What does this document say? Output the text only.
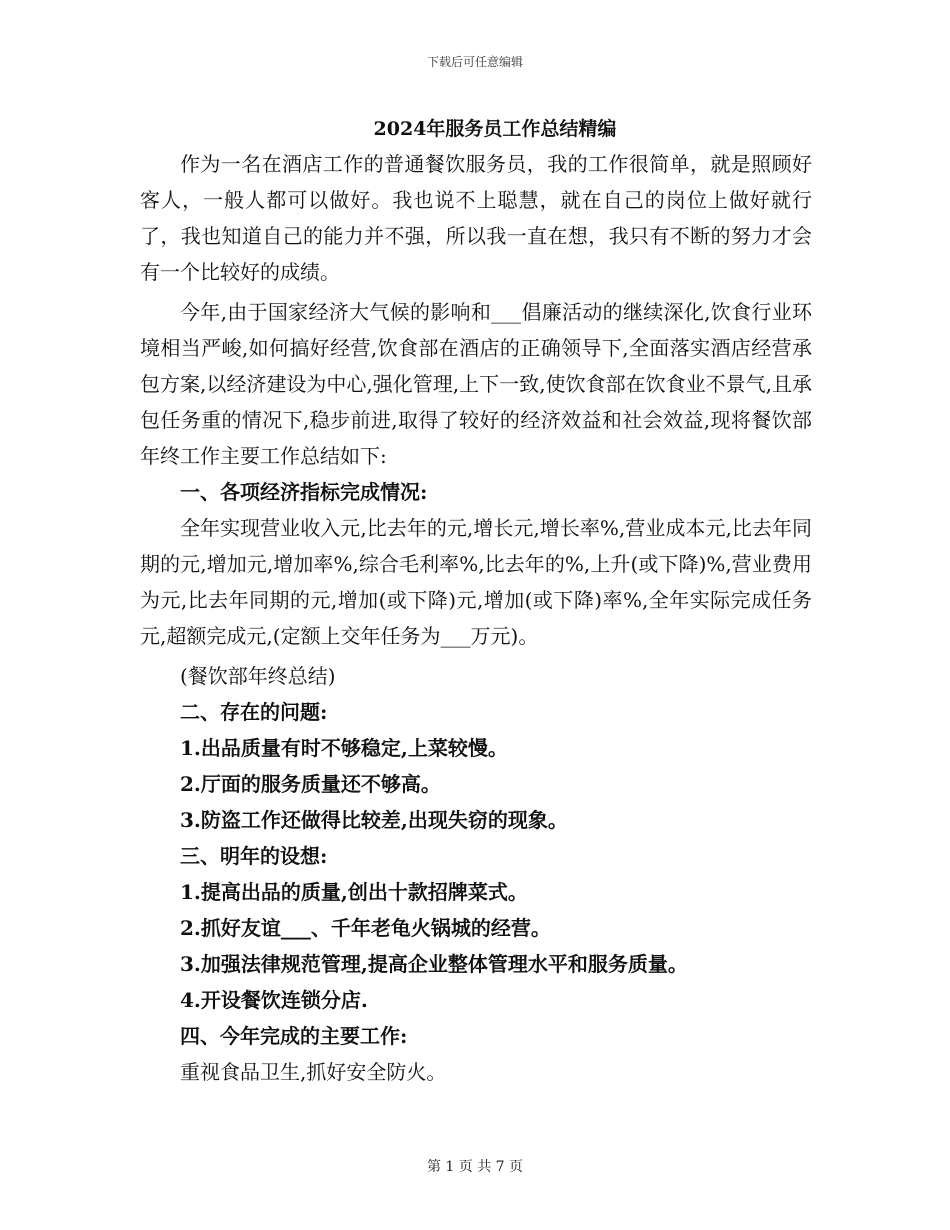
下载后可任意编辑
2024年服务员工作总结精编

作为一名在酒店工作的普通餐饮服务员，我的工作很简单，就是照顾好客人，一般人都可以做好。我也说不上聪慧，就在自己的岗位上做好就行了，我也知道自己的能力并不强，所以我一直在想，我只有不断的努力才会有一个比较好的成绩。

今年,由于国家经济大气候的影响和___倡廉活动的继续深化,饮食行业环境相当严峻,如何搞好经营,饮食部在酒店的正确领导下,全面落实酒店经营承包方案,以经济建设为中心,强化管理,上下一致,使饮食部在饮食业不景气,且承包任务重的情况下,稳步前进,取得了较好的经济效益和社会效益,现将餐饮部年终工作主要工作总结如下:

一、各项经济指标完成情况:

全年实现营业收入元,比去年的元,增长元,增长率%,营业成本元,比去年同期的元,增加元,增加率%,综合毛利率%,比去年的%,上升(或下降)%,营业费用为元,比去年同期的元,增加(或下降)元,增加(或下降)率%,全年实际完成任务元,超额完成元,(定额上交年任务为___万元)。

(餐饮部年终总结)
二、存在的问题:
1.出品质量有时不够稳定,上菜较慢。
2.厅面的服务质量还不够高。
3.防盗工作还做得比较差,出现失窃的现象。
三、明年的设想:
1.提高出品的质量,创出十款招牌菜式。
2.抓好友谊___、千年老龟火锅城的经营。
3.加强法律规范管理,提高企业整体管理水平和服务质量。
4.开设餐饮连锁分店.
四、今年完成的主要工作:
重视食品卫生,抓好安全防火。
第 1 页 共 7 页
